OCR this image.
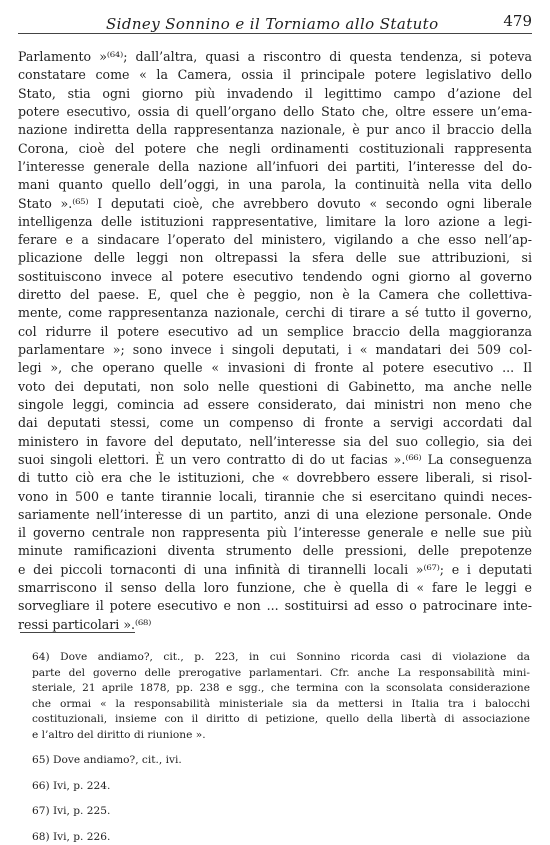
Sidney Sonnino e il Torniamo allo Statuto	479
Parlamento »⁽⁶⁴⁾; dall’altra, quasi a riscontro di questa tendenza, si poteva
constatare come « la Camera, ossia il principale potere legislativo dello
Stato, stia ogni giorno più invadendo il legittimo campo d’azione del
potere esecutivo, ossia di quell’organo dello Stato che, oltre essere un’ema-
nazione indiretta della rappresentanza nazionale, è pur anco il braccio della
Corona, cioè del potere che negli ordinamenti costituzionali rappresenta
l’interesse generale della nazione all’infuori dei partiti, l’interesse del do-
mani quanto quello dell’oggi, in una parola, la continuità nella vita dello
Stato ».⁽⁶⁵⁾ I deputati cioè, che avrebbero dovuto « secondo ogni liberale
intelligenza delle istituzioni rappresentative, limitare la loro azione a legi-
ferare e a sindacare l’operato del ministero, vigilando a che esso nell’ap-
plicazione delle leggi non oltrepassi la sfera delle sue attribuzioni, si
sostituiscono invece al potere esecutivo tendendo ogni giorno al governo
diretto del paese. E, quel che è peggio, non è la Camera che collettiva-
mente, come rappresentanza nazionale, cerchi di tirare a sé tutto il governo,
col ridurre il potere esecutivo ad un semplice braccio della maggioranza
parlamentare »; sono invece i singoli deputati, i « mandatari dei 509 col-
legi », che operano quelle « invasioni di fronte al potere esecutivo ... Il
voto dei deputati, non solo nelle questioni di Gabinetto, ma anche nelle
singole leggi, comincia ad essere considerato, dai ministri non meno che
dai deputati stessi, come un compenso di fronte a servigi accordati dal
ministero in favore del deputato, nell’interesse sia del suo collegio, sia dei
suoi singoli elettori. È un vero contratto di do ut facias ».⁽⁶⁶⁾ La conseguenza
di tutto ciò era che le istituzioni, che « dovrebbero essere liberali, si risol-
vono in 500 e tante tirannie locali, tirannie che si esercitano quindi neces-
sariamente nell’interesse di un partito, anzi di una elezione personale. Onde
il governo centrale non rappresenta più l’interesse generale e nelle sue più
minute ramificazioni diventa strumento delle pressioni, delle prepotenze
e dei piccoli tornaconti di una infinità di tirannelli locali »⁽⁶⁷⁾; e i deputati
smarriscono il senso della loro funzione, che è quella di « fare le leggi e
sorvegliare il potere esecutivo e non ... sostituirsi ad esso o patrocinare inte-
ressi particolari ».⁽⁶⁸⁾
64) Dove andiamo?, cit., p. 223, in cui Sonnino ricorda casi di violazione da
parte del governo delle prerogative parlamentari. Cfr. anche La responsabilità mini-
steriale, 21 aprile 1878, pp. 238 e sgg., che termina con la sconsolata considerazione
che ormai « la responsabilità ministeriale sia da mettersi in Italia tra i balocchi
costituzionali, insieme con il diritto di petizione, quello della libertà di associazione
e l’altro del diritto di riunione ».
65) Dove andiamo?, cit., ivi.
66) Ivi, p. 224.
67) Ivi, p. 225.
68) Ivi, p. 226.
